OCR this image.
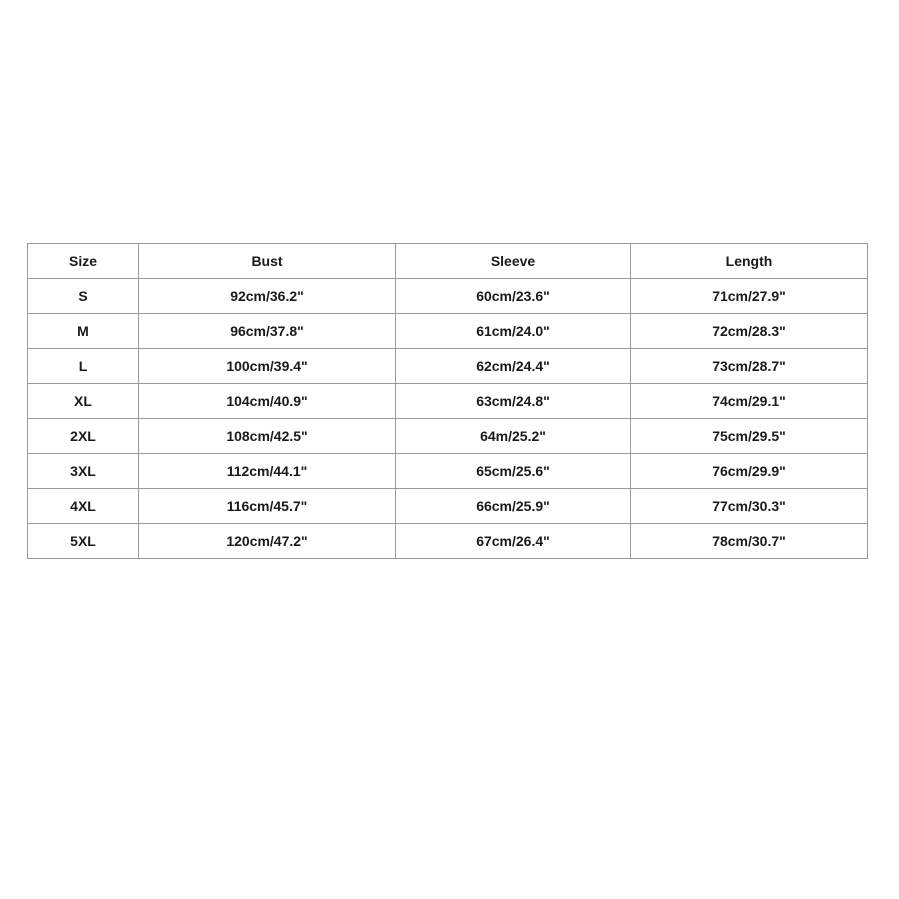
Size	Bust	Sleeve	Length
S	92cm/36.2"	60cm/23.6"	71cm/27.9"
M	96cm/37.8"	61cm/24.0"	72cm/28.3"
L	100cm/39.4"	62cm/24.4"	73cm/28.7"
XL	104cm/40.9"	63cm/24.8"	74cm/29.1"
2XL	108cm/42.5"	64m/25.2"	75cm/29.5"
3XL	112cm/44.1"	65cm/25.6"	76cm/29.9"
4XL	116cm/45.7"	66cm/25.9"	77cm/30.3"
5XL	120cm/47.2"	67cm/26.4"	78cm/30.7"
